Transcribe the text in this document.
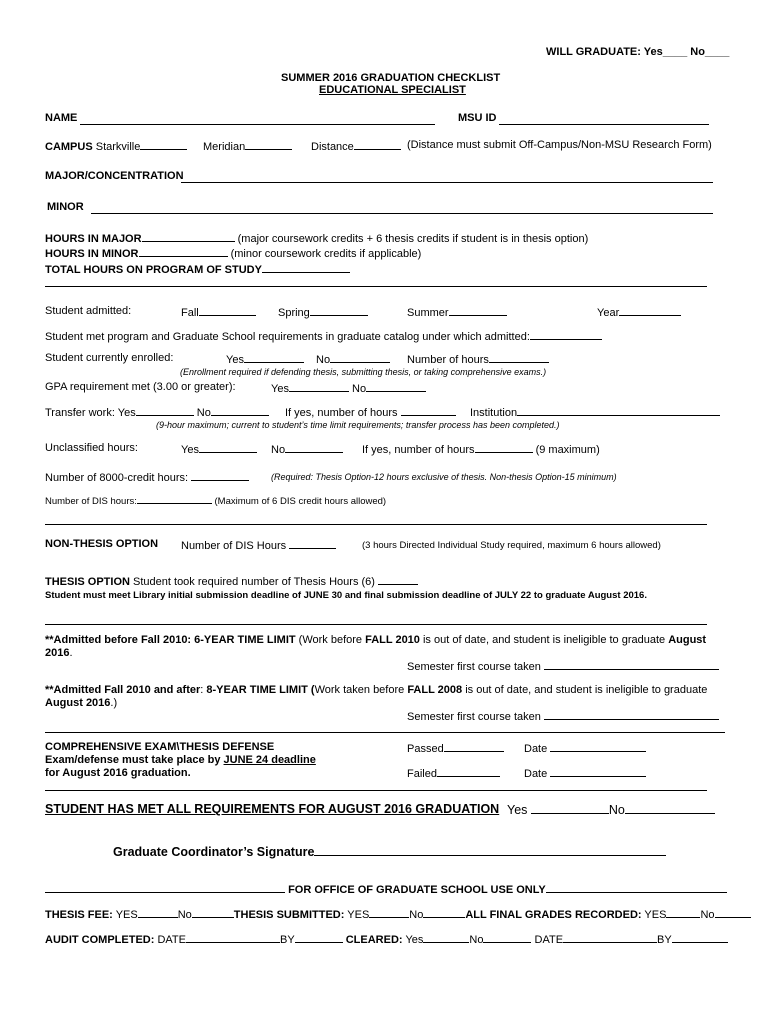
WILL GRADUATE: Yes____ No____
SUMMER 2016 GRADUATION CHECKLIST
EDUCATIONAL SPECIALIST
NAME	MSU ID
CAMPUS Starkville	Meridian	Distance	(Distance must submit Off-Campus/Non-MSU Research Form)
MAJOR/CONCENTRATION
MINOR
HOURS IN MAJOR	(major coursework credits + 6 thesis credits if student is in thesis option)
HOURS IN MINOR	(minor coursework credits if applicable)
TOTAL HOURS ON PROGRAM OF STUDY
Student admitted:	Fall	Spring	Summer	Year
Student met program and Graduate School requirements in graduate catalog under which admitted:
Student currently enrolled:	Yes	No	Number of hours
(Enrollment required if defending thesis, submitting thesis, or taking comprehensive exams.)
GPA requirement met (3.00 or greater):	Yes	No
Transfer work: Yes	No	If yes, number of hours	Institution
(9-hour maximum; current to student’s time limit requirements; transfer process has been completed.)
Unclassified hours:	Yes	No	If yes, number of hours	(9 maximum)
Number of 8000-credit hours:	(Required: Thesis Option-12 hours exclusive of thesis. Non-thesis Option-15 minimum)
Number of DIS hours:	(Maximum of 6 DIS credit hours allowed)
NON-THESIS OPTION Number of DIS Hours	(3 hours Directed Individual Study required, maximum 6 hours allowed)
THESIS OPTION Student took required number of Thesis Hours (6)
Student must meet Library initial submission deadline of JUNE 30 and final submission deadline of JULY 22 to graduate August 2016.
**Admitted before Fall 2010: 6-YEAR TIME LIMIT (Work before FALL 2010 is out of date, and student is ineligible to graduate August
2016.
Semester first course taken
**Admitted Fall 2010 and after: 8-YEAR TIME LIMIT (Work taken before FALL 2008 is out of date, and student is ineligible to graduate
August 2016.)
Semester first course taken
COMPREHENSIVE EXAM\THESIS DEFENSE
Exam/defense must take place by JUNE 24 deadline
for August 2016 graduation.
Passed	Date
Failed	Date
STUDENT HAS MET ALL REQUIREMENTS FOR AUGUST 2016 GRADUATION Yes	No
Graduate Coordinator’s Signature
FOR OFFICE OF GRADUATE SCHOOL USE ONLY
THESIS FEE: YES	No	THESIS SUBMITTED: YES	No	ALL FINAL GRADES RECORDED: YES	No
AUDIT COMPLETED: DATE	BY	CLEARED: Yes	No	DATE	BY
